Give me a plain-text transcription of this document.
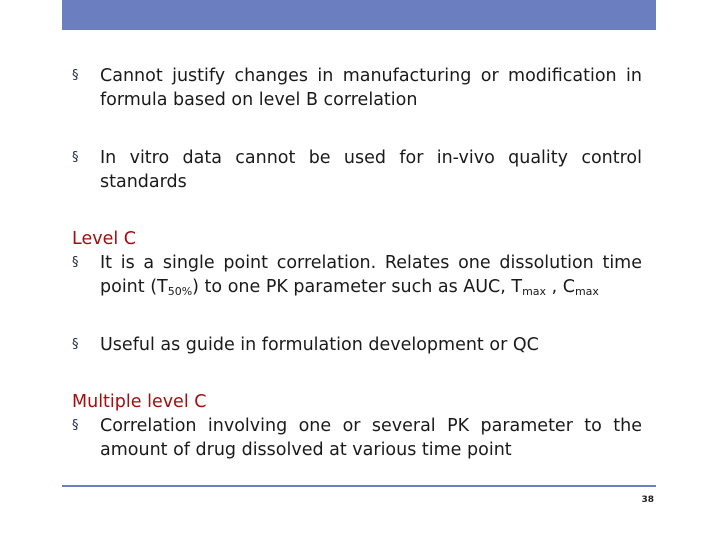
§	Cannot justify changes in manufacturing or modification in formula based on level B correlation
§	In vitro data cannot be used for in-vivo quality control standards
Level C
§	It is a single point correlation. Relates one dissolution time point $(T_{50\%})$ to one PK parameter such as AUC, $T_{max}$ , $C_{max}$
§	Useful as guide in formulation development or QC
Multiple level C
§	Correlation involving one or several PK parameter to the amount of drug dissolved at various time point
38
